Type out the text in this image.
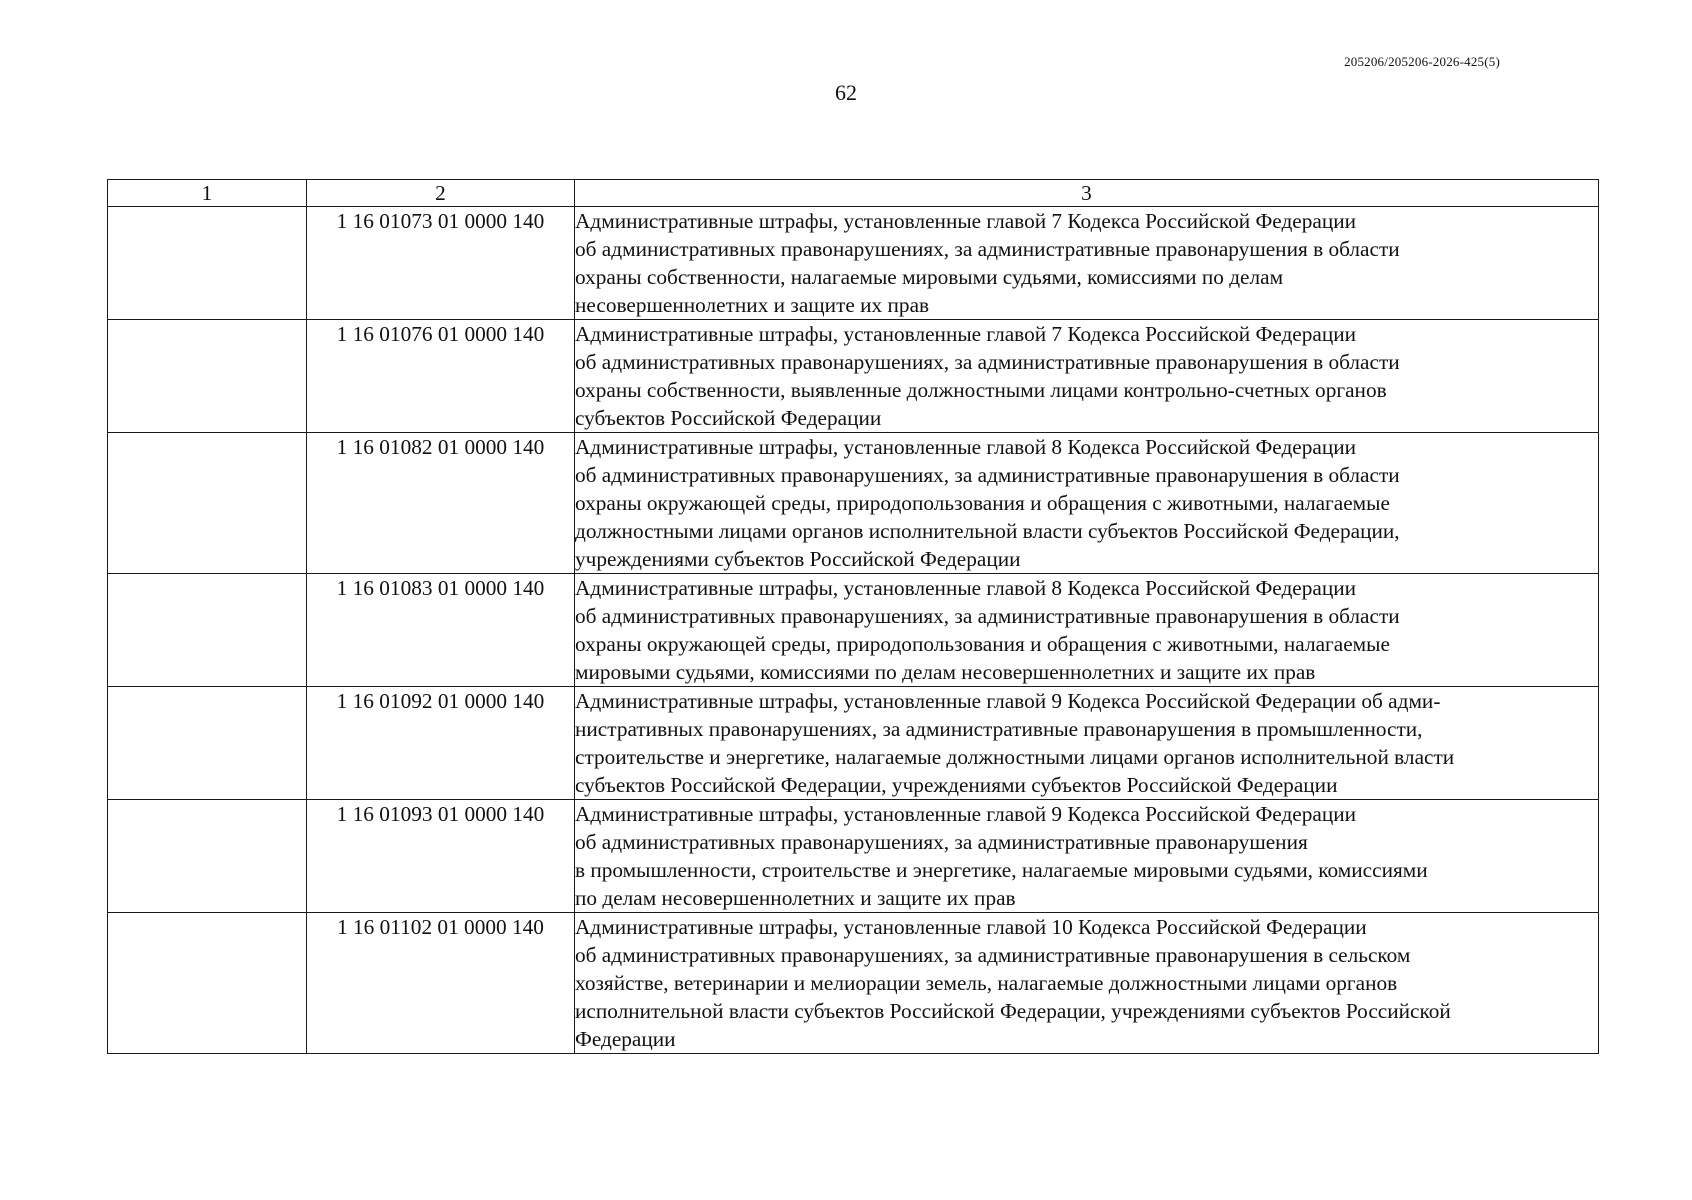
205206/205206-2026-425(5)
62
1	2	3
	1 16 01073 01 0000 140	Административные штрафы, установленные главой 7 Кодекса Российской Федерации
об административных правонарушениях, за административные правонарушения в области
охраны собственности, налагаемые мировыми судьями, комиссиями по делам
несовершеннолетних и защите их прав

	1 16 01076 01 0000 140	Административные штрафы, установленные главой 7 Кодекса Российской Федерации
об административных правонарушениях, за административные правонарушения в области
охраны собственности, выявленные должностными лицами контрольно-счетных органов
субъектов Российской Федерации

	1 16 01082 01 0000 140	Административные штрафы, установленные главой 8 Кодекса Российской Федерации
об административных правонарушениях, за административные правонарушения в области
охраны окружающей среды, природопользования и обращения с животными, налагаемые
должностными лицами органов исполнительной власти субъектов Российской Федерации,
учреждениями субъектов Российской Федерации

	1 16 01083 01 0000 140	Административные штрафы, установленные главой 8 Кодекса Российской Федерации
об административных правонарушениях, за административные правонарушения в области
охраны окружающей среды, природопользования и обращения с животными, налагаемые
мировыми судьями, комиссиями по делам несовершеннолетних и защите их прав

	1 16 01092 01 0000 140	Административные штрафы, установленные главой 9 Кодекса Российской Федерации об адми-
нистративных правонарушениях, за административные правонарушения в промышленности,
строительстве и энергетике, налагаемые должностными лицами органов исполнительной власти
субъектов Российской Федерации, учреждениями субъектов Российской Федерации

	1 16 01093 01 0000 140	Административные штрафы, установленные главой 9 Кодекса Российской Федерации
об административных правонарушениях, за административные правонарушения
в промышленности, строительстве и энергетике, налагаемые мировыми судьями, комиссиями
по делам несовершеннолетних и защите их прав

	1 16 01102 01 0000 140	Административные штрафы, установленные главой 10 Кодекса Российской Федерации
об административных правонарушениях, за административные правонарушения в сельском
хозяйстве, ветеринарии и мелиорации земель, налагаемые должностными лицами органов
исполнительной власти субъектов Российской Федерации, учреждениями субъектов Российской
Федерации
